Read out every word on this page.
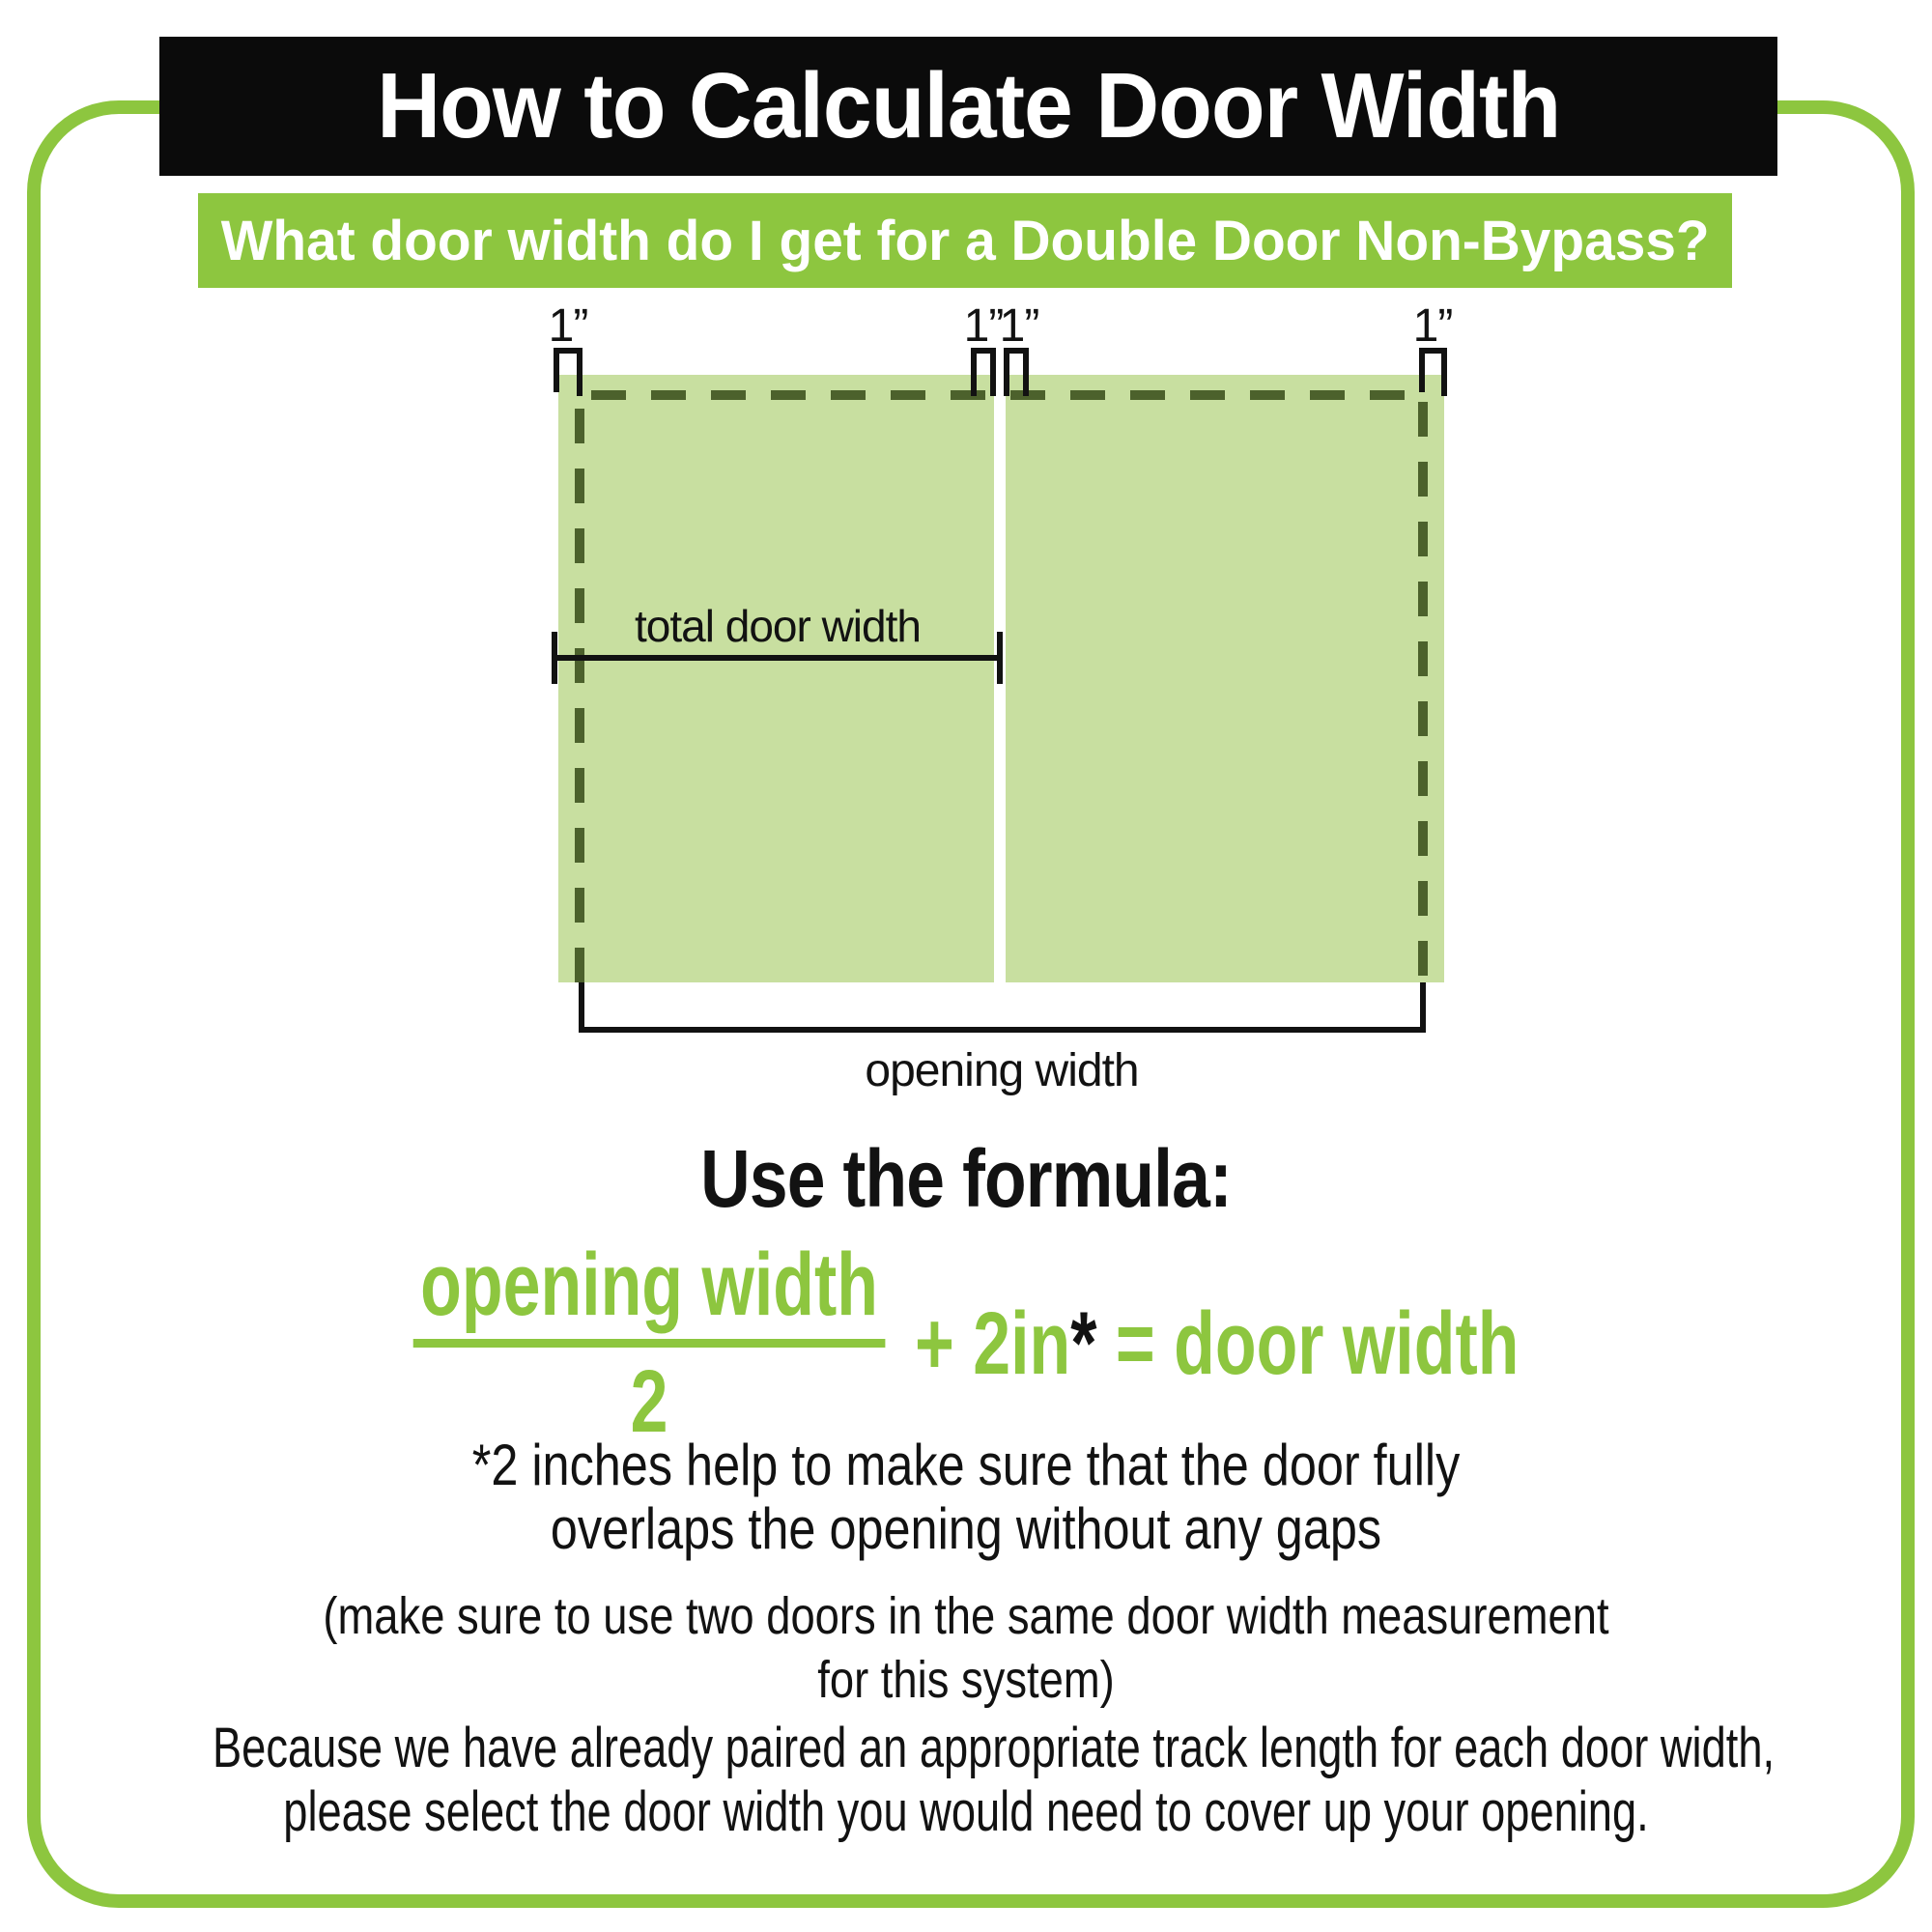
How to Calculate Door Width
What door width do I get for a Double Door Non-Bypass?
1”	1”
1”	1”
total door width
opening width
Use the formula:
opening width
2
+ 2in* = door width
*2 inches help to make sure that the door fully
overlaps the opening without any gaps
(make sure to use two doors in the same door width measurement
for this system)
Because we have already paired an appropriate track length for each door width,
please select the door width you would need to cover up your opening.
